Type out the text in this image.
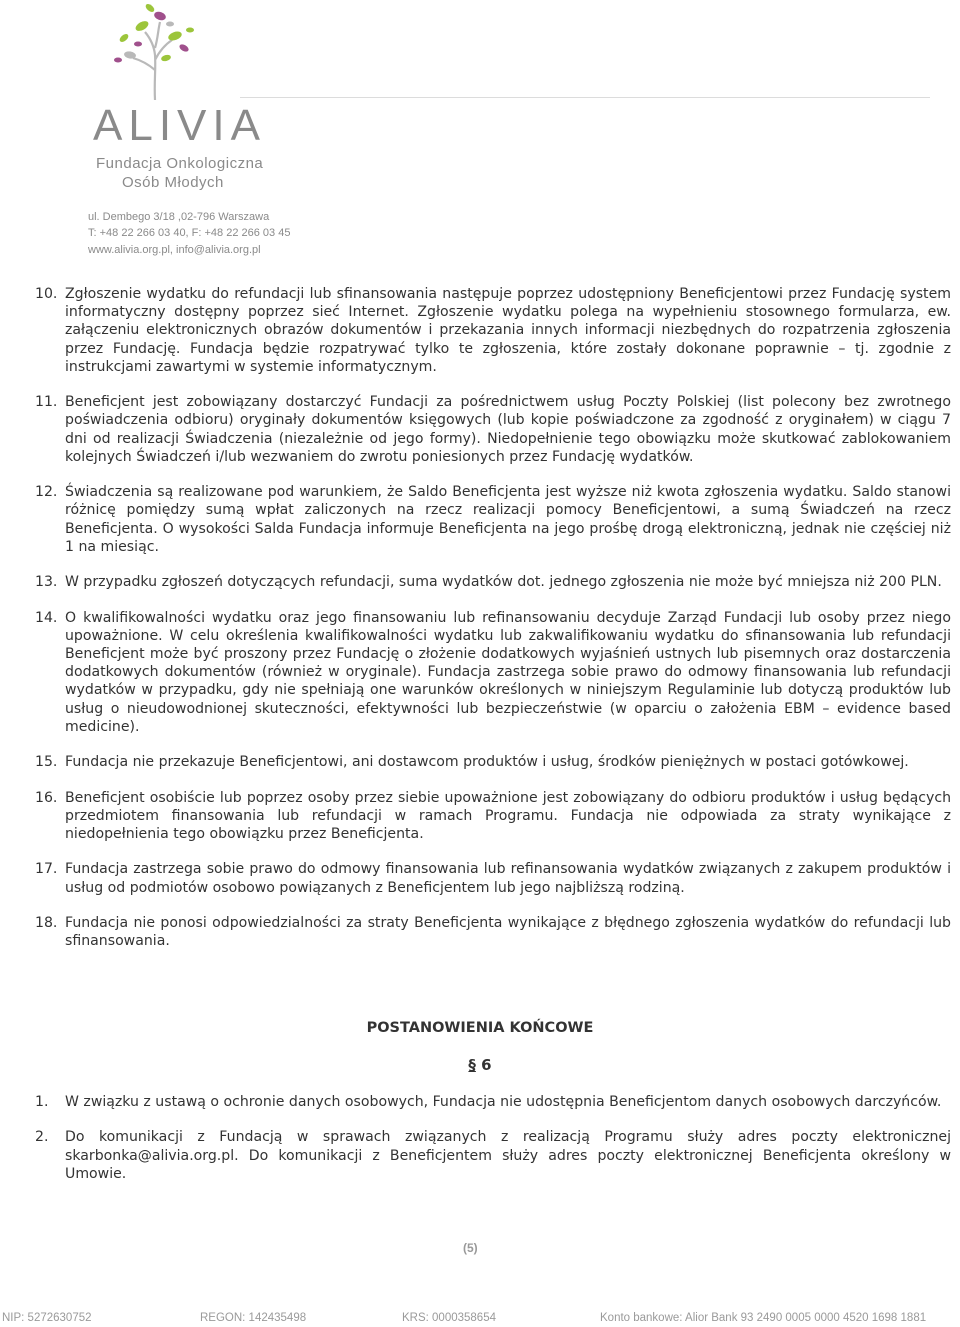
ALIVIA
Fundacja Onkologiczna
Osób Młodych
ul. Dembego 3/18 ,02-796 Warszawa
T: +48 22 266 03 40, F: +48 22 266 03 45
www.alivia.org.pl, info@alivia.org.pl
10. Zgłoszenie wydatku do refundacji lub sfinansowania następuje poprzez udostępniony Beneficjentowi przez Fundację system informatyczny dostępny poprzez sieć Internet. Zgłoszenie wydatku polega na wypełnieniu stosownego formularza, ew. załączeniu elektronicznych obrazów dokumentów i przekazania innych informacji niezbędnych do rozpatrzenia zgłoszenia przez Fundację. Fundacja będzie rozpatrywać tylko te zgłoszenia, które zostały dokonane poprawnie – tj. zgodnie z instrukcjami zawartymi w systemie informatycznym.
11. Beneficjent jest zobowiązany dostarczyć Fundacji za pośrednictwem usług Poczty Polskiej (list polecony bez zwrotnego poświadczenia odbioru) oryginały dokumentów księgowych (lub kopie poświadczone za zgodność z oryginałem) w ciągu 7 dni od realizacji Świadczenia (niezależnie od jego formy). Niedopełnienie tego obowiązku może skutkować zablokowaniem kolejnych Świadczeń i/lub wezwaniem do zwrotu poniesionych przez Fundację wydatków.
12. Świadczenia są realizowane pod warunkiem, że Saldo Beneficjenta jest wyższe niż kwota zgłoszenia wydatku. Saldo stanowi różnicę pomiędzy sumą wpłat zaliczonych na rzecz realizacji pomocy Beneficjentowi, a sumą Świadczeń na rzecz Beneficjenta. O wysokości Salda Fundacja informuje Beneficjenta na jego prośbę drogą elektroniczną, jednak nie częściej niż 1 na miesiąc.
13. W przypadku zgłoszeń dotyczących refundacji, suma wydatków dot. jednego zgłoszenia nie może być mniejsza niż 200 PLN.
14. O kwalifikowalności wydatku oraz jego finansowaniu lub refinansowaniu decyduje Zarząd Fundacji lub osoby przez niego upoważnione. W celu określenia kwalifikowalności wydatku lub zakwalifikowaniu wydatku do sfinansowania lub refundacji Beneficjent może być proszony przez Fundację o złożenie dodatkowych wyjaśnień ustnych lub pisemnych oraz dostarczenia dodatkowych dokumentów (również w oryginale). Fundacja zastrzega sobie prawo do odmowy finansowania lub refundacji wydatków w przypadku, gdy nie spełniają one warunków określonych w niniejszym Regulaminie lub dotyczą produktów lub usług o nieudowodnionej skuteczności, efektywności lub bezpieczeństwie (w oparciu o założenia EBM – evidence based medicine).
15. Fundacja nie przekazuje Beneficjentowi, ani dostawcom produktów i usług, środków pieniężnych w postaci gotówkowej.
16. Beneficjent osobiście lub poprzez osoby przez siebie upoważnione jest zobowiązany do odbioru produktów i usług będących przedmiotem finansowania lub refundacji w ramach Programu. Fundacja nie odpowiada za straty wynikające z niedopełnienia tego obowiązku przez Beneficjenta.
17. Fundacja zastrzega sobie prawo do odmowy finansowania lub refinansowania wydatków związanych z zakupem produktów i usług od podmiotów osobowo powiązanych z Beneficjentem lub jego najbliższą rodziną.
18. Fundacja nie ponosi odpowiedzialności za straty Beneficjenta wynikające z błędnego zgłoszenia wydatków do refundacji lub sfinansowania.
POSTANOWIENIA KOŃCOWE
§ 6
1. W związku z ustawą o ochronie danych osobowych, Fundacja nie udostępnia Beneficjentom danych osobowych darczyńców.
2. Do komunikacji z Fundacją w sprawach związanych z realizacją Programu służy adres poczty elektronicznej skarbonka@alivia.org.pl. Do komunikacji z Beneficjentem służy adres poczty elektronicznej Beneficjenta określony w Umowie.
(5)
NIP: 5272630752	REGON: 142435498	KRS: 0000358654	Konto bankowe: Alior Bank 93 2490 0005 0000 4520 1698 1881
